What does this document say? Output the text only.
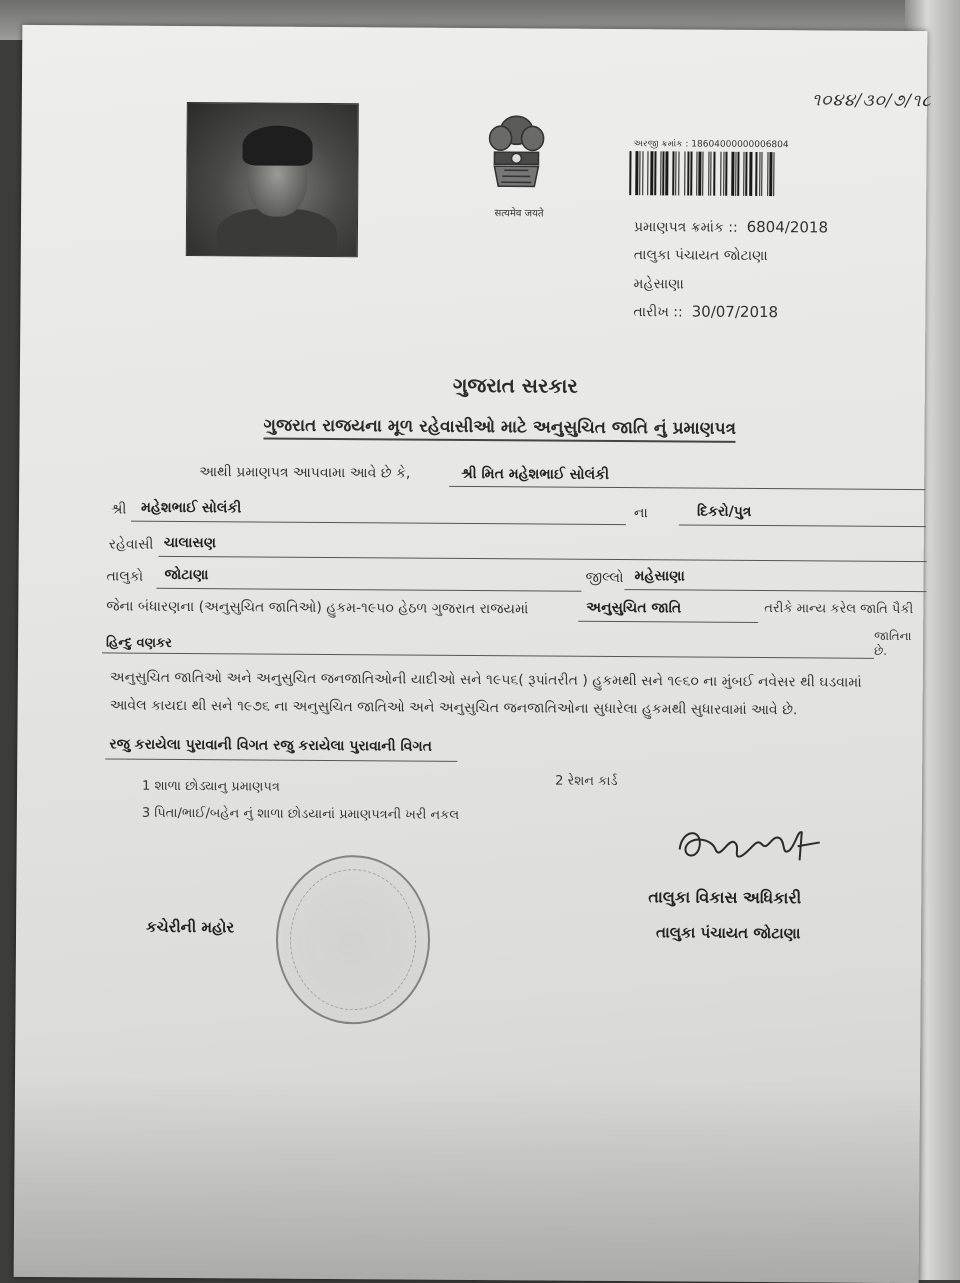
૧૦૪૪/૩૦/૭/૧૮
सत्यमेव जयते
અરજી ક્રમાંક : 18604000000006804
પ્રમાણપત્ર ક્રમાંક :: 6804/2018
તાલુકા પંચાયત જોટાણા
મહેસાણા
તારીખ :: 30/07/2018
ગુજરાત સરકાર
ગુજરાત રાજયના મૂળ રહેવાસીઓ માટે અનુસુચિત જાતિ નું પ્રમાણપત્ર
આથી પ્રમાણપત્ર આપવામા આવે છે કે,	શ્રી મિત મહેશભાઈ સોલંકી
શ્રી મહેશભાઈ સોલંકી	ના	દિકરો/પુત્ર
રહેવાસી ચાલાસણ
તાલુકો જોટાણા	જીલ્લો મહેસાણા
જેના બંધારણના (અનુસુચિત જાતિઓ) હુકમ-૧૯૫૦ હેઠળ ગુજરાત રાજયમાં	અનુસુચિત જાતિ	તરીકે માન્ય કરેલ જાતિ પૈકી
જાતિના છે.
હિન્દુ વણકર
અનુસુચિત જાતિઓ અને અનુસુચિત જનજાતિઓની યાદીઓ સને ૧૯૫૬( રૂપાંતરીત ) હુકમથી સને ૧૯૬૦ ના મુંબઈ નવેસર થી ઘડવામાં
આવેલ કાયદા થી સને ૧૯૭૬ ના અનુસુચિત જાતિઓ અને અનુસુચિત જનજાતિઓના સુધારેલા હુકમથી સુધારવામાં આવે છે.
રજુ કરાયેલા પુરાવાની વિગત રજુ કરાયેલા પુરાવાની વિગત
1 શાળા છોડ્યાનુ પ્રમાણપત્ર	2 રેશન કાર્ડ
3 પિતા/ભાઈ/બહેન નું શાળા છોડયાનાં પ્રમાણપત્રની ખરી નકલ
કચેરીની મહોર
તાલુકા વિકાસ અધિકારી
તાલુકા પંચાયત જોટાણા
